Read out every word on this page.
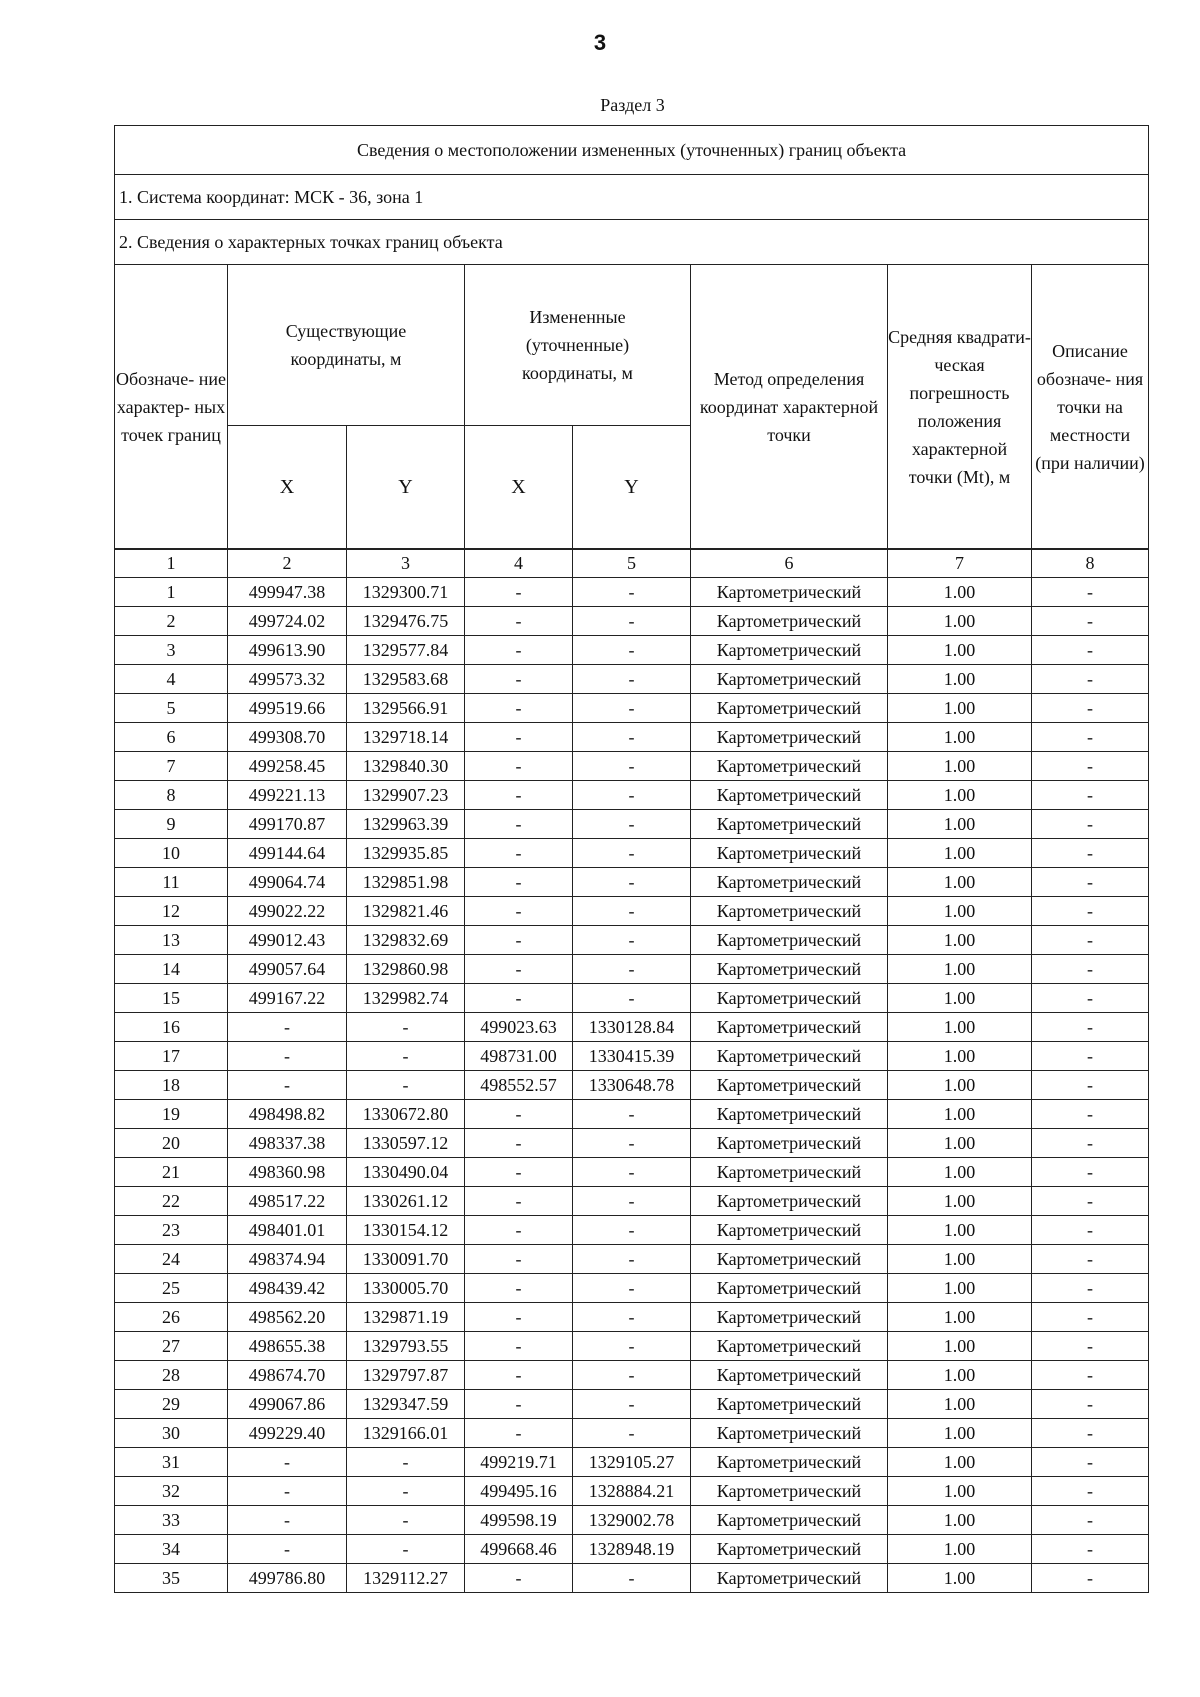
3
Раздел 3
Сведения о местоположении измененных (уточненных) границ объекта							
1. Система координат: МСК - 36, зона 1							
2. Сведения о характерных точках границ объекта							
Обозначе- ние характер- ных точек границ	Существующие координаты, м		Измененные (уточненные) координаты, м		Метод определения координат характерной точки	Средняя квадрати- ческая погрешность положения характерной точки (Mt), м	Описание обозначе- ния точки на местности (при наличии)
	X	Y	X	Y			
1	2	3	4	5	6	7	8
1	499947.38	1329300.71	-	-	Картометрический	1.00	-
2	499724.02	1329476.75	-	-	Картометрический	1.00	-
3	499613.90	1329577.84	-	-	Картометрический	1.00	-
4	499573.32	1329583.68	-	-	Картометрический	1.00	-
5	499519.66	1329566.91	-	-	Картометрический	1.00	-
6	499308.70	1329718.14	-	-	Картометрический	1.00	-
7	499258.45	1329840.30	-	-	Картометрический	1.00	-
8	499221.13	1329907.23	-	-	Картометрический	1.00	-
9	499170.87	1329963.39	-	-	Картометрический	1.00	-
10	499144.64	1329935.85	-	-	Картометрический	1.00	-
11	499064.74	1329851.98	-	-	Картометрический	1.00	-
12	499022.22	1329821.46	-	-	Картометрический	1.00	-
13	499012.43	1329832.69	-	-	Картометрический	1.00	-
14	499057.64	1329860.98	-	-	Картометрический	1.00	-
15	499167.22	1329982.74	-	-	Картометрический	1.00	-
16	-	-	499023.63	1330128.84	Картометрический	1.00	-
17	-	-	498731.00	1330415.39	Картометрический	1.00	-
18	-	-	498552.57	1330648.78	Картометрический	1.00	-
19	498498.82	1330672.80	-	-	Картометрический	1.00	-
20	498337.38	1330597.12	-	-	Картометрический	1.00	-
21	498360.98	1330490.04	-	-	Картометрический	1.00	-
22	498517.22	1330261.12	-	-	Картометрический	1.00	-
23	498401.01	1330154.12	-	-	Картометрический	1.00	-
24	498374.94	1330091.70	-	-	Картометрический	1.00	-
25	498439.42	1330005.70	-	-	Картометрический	1.00	-
26	498562.20	1329871.19	-	-	Картометрический	1.00	-
27	498655.38	1329793.55	-	-	Картометрический	1.00	-
28	498674.70	1329797.87	-	-	Картометрический	1.00	-
29	499067.86	1329347.59	-	-	Картометрический	1.00	-
30	499229.40	1329166.01	-	-	Картометрический	1.00	-
31	-	-	499219.71	1329105.27	Картометрический	1.00	-
32	-	-	499495.16	1328884.21	Картометрический	1.00	-
33	-	-	499598.19	1329002.78	Картометрический	1.00	-
34	-	-	499668.46	1328948.19	Картометрический	1.00	-
35	499786.80	1329112.27	-	-	Картометрический	1.00	-
